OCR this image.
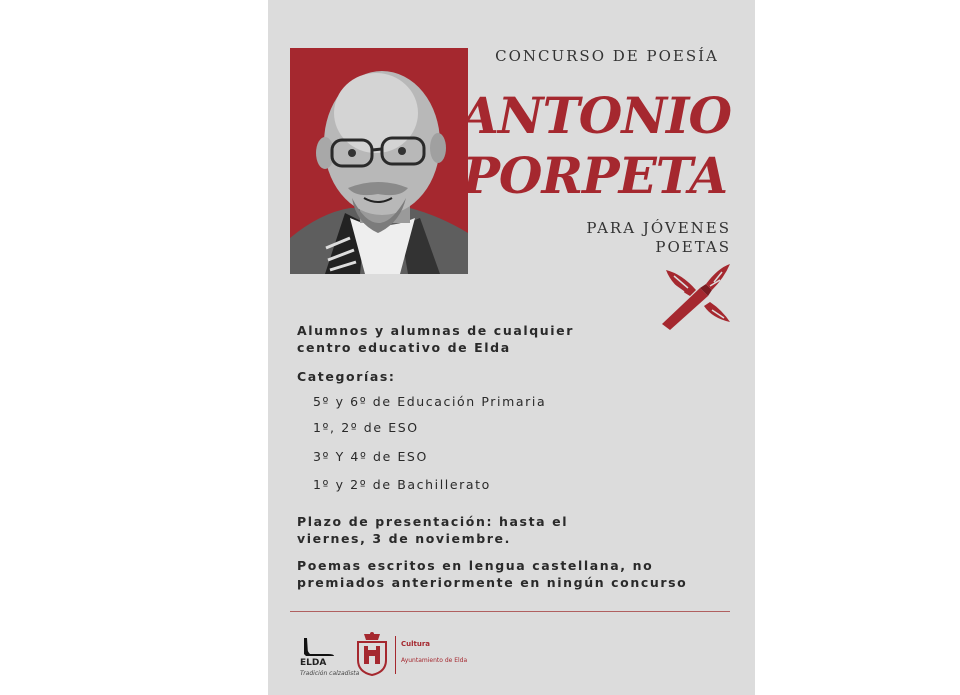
CONCURSO DE POESÍA
ANTONIO
PORPETA
PARA JÓVENES
POETAS
Alumnos y alumnas de cualquier
centro educativo de Elda
Categorías:
5º y 6º de Educación Primaria
1º, 2º de ESO
3º Y 4º de ESO
1º y 2º de Bachillerato
Plazo de presentación: hasta el
viernes, 3 de noviembre.
Poemas escritos en lengua castellana, no
premiados anteriormente en ningún concurso
ELDA
Tradición calzadista
Cultura
Ayuntamiento de Elda
